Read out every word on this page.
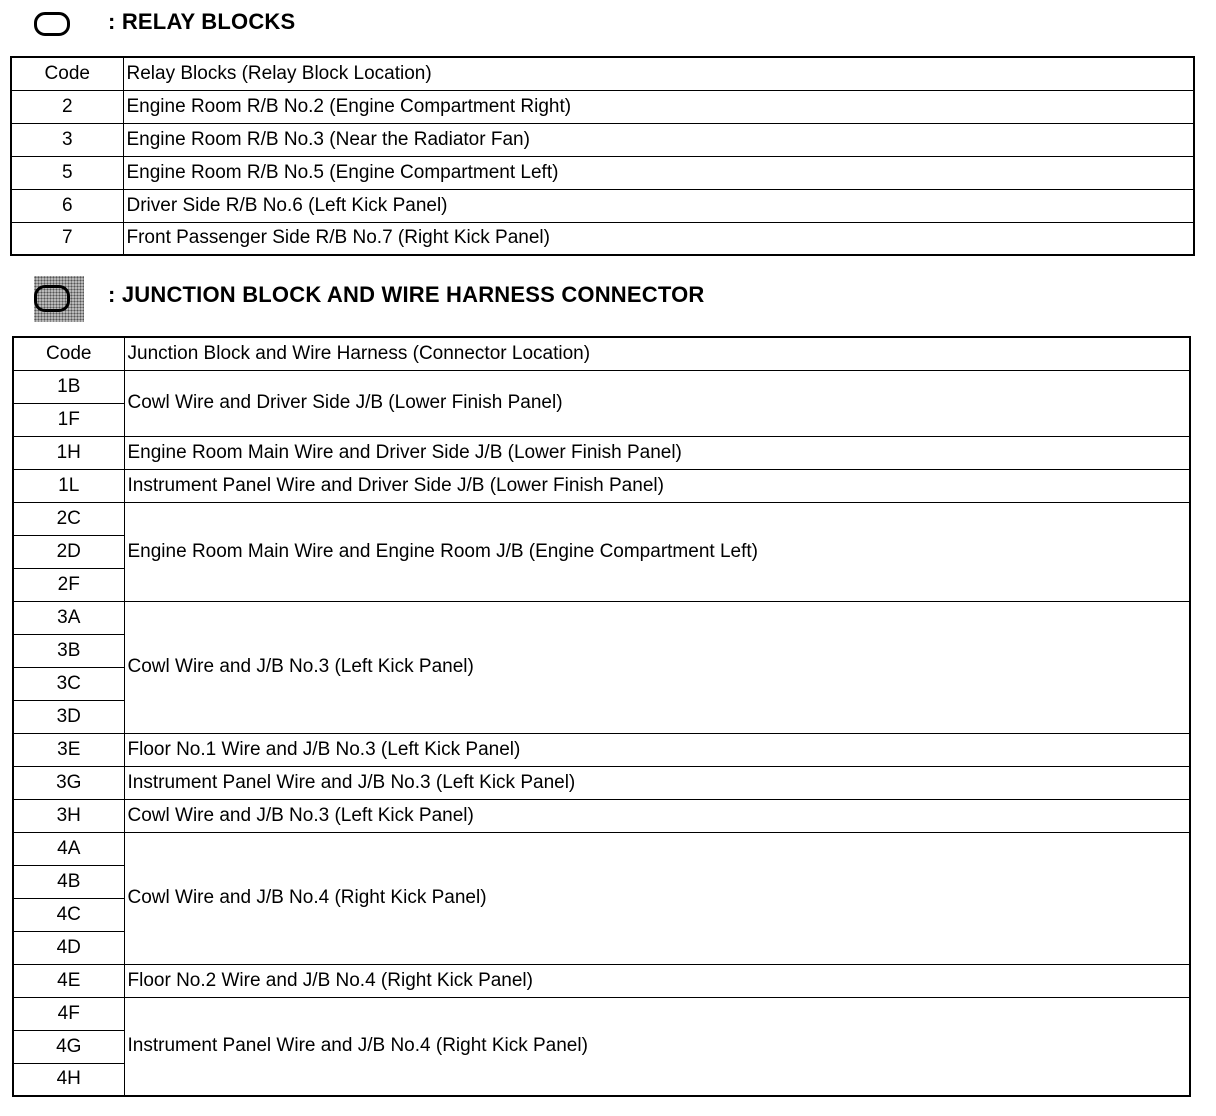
: RELAY BLOCKS
Code	Relay Blocks (Relay Block Location)
2	Engine Room R/B No.2 (Engine Compartment Right)
3	Engine Room R/B No.3 (Near the Radiator Fan)
5	Engine Room R/B No.5 (Engine Compartment Left)
6	Driver Side R/B No.6 (Left Kick Panel)
7	Front Passenger Side R/B No.7 (Right Kick Panel)
: JUNCTION BLOCK AND WIRE HARNESS CONNECTOR
Code	Junction Block and Wire Harness (Connector Location)
1B	Cowl Wire and Driver Side J/B (Lower Finish Panel)
1F	
1H	Engine Room Main Wire and Driver Side J/B (Lower Finish Panel)
1L	Instrument Panel Wire and Driver Side J/B (Lower Finish Panel)
2C	Engine Room Main Wire and Engine Room J/B (Engine Compartment Left)
2D	
2F	
3A	Cowl Wire and J/B No.3 (Left Kick Panel)
3B	
3C	
3D	
3E	Floor No.1 Wire and J/B No.3 (Left Kick Panel)
3G	Instrument Panel Wire and J/B No.3 (Left Kick Panel)
3H	Cowl Wire and J/B No.3 (Left Kick Panel)
4A	Cowl Wire and J/B No.4 (Right Kick Panel)
4B	
4C	
4D	
4E	Floor No.2 Wire and J/B No.4 (Right Kick Panel)
4F	Instrument Panel Wire and J/B No.4 (Right Kick Panel)
4G	
4H	
